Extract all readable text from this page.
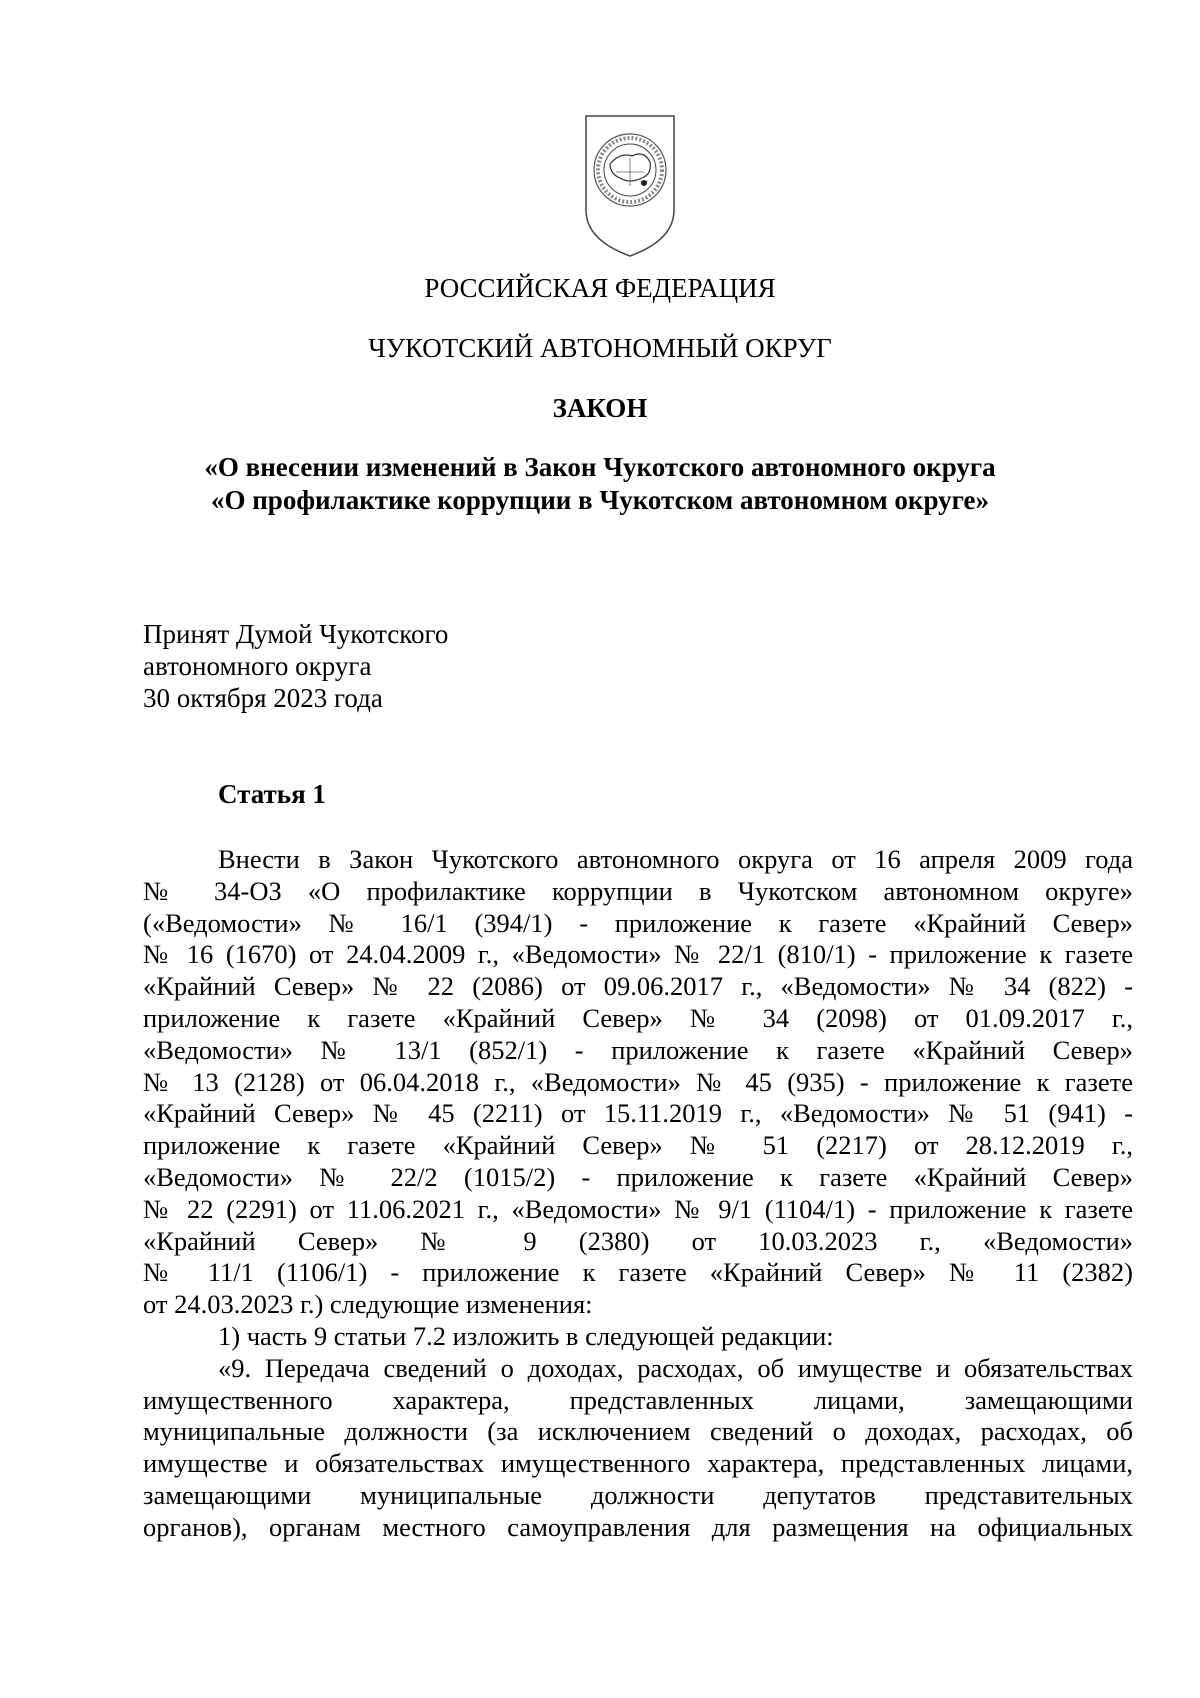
РОССИЙСКАЯ ФЕДЕРАЦИЯ
ЧУКОТСКИЙ АВТОНОМНЫЙ ОКРУГ
ЗАКОН
«О внесении изменений в Закон Чукотского автономного округа
«О профилактике коррупции в Чукотском автономном округе»
Принят Думой Чукотского
автономного округа
30 октября 2023 года
Статья 1
Внести в Закон Чукотского автономного округа от 16 апреля 2009 года
№ 34-ОЗ «О профилактике коррупции в Чукотском автономном округе»
(«Ведомости» № 16/1 (394/1) - приложение к газете «Крайний Север»
№ 16 (1670) от 24.04.2009 г., «Ведомости» № 22/1 (810/1) - приложение к газете
«Крайний Север» № 22 (2086) от 09.06.2017 г., «Ведомости» № 34 (822) -
приложение к газете «Крайний Север» № 34 (2098) от 01.09.2017 г.,
«Ведомости» № 13/1 (852/1) - приложение к газете «Крайний Север»
№ 13 (2128) от 06.04.2018 г., «Ведомости» № 45 (935) - приложение к газете
«Крайний Север» № 45 (2211) от 15.11.2019 г., «Ведомости» № 51 (941) -
приложение к газете «Крайний Север» № 51 (2217) от 28.12.2019 г.,
«Ведомости» № 22/2 (1015/2) - приложение к газете «Крайний Север»
№ 22 (2291) от 11.06.2021 г., «Ведомости» № 9/1 (1104/1) - приложение к газете
«Крайний Север» № 9 (2380) от 10.03.2023 г., «Ведомости»
№ 11/1 (1106/1) - приложение к газете «Крайний Север» № 11 (2382)
от 24.03.2023 г.) следующие изменения:
1) часть 9 статьи 7.2 изложить в следующей редакции:
«9. Передача сведений о доходах, расходах, об имуществе и обязательствах
имущественного характера, представленных лицами, замещающими
муниципальные должности (за исключением сведений о доходах, расходах, об
имуществе и обязательствах имущественного характера, представленных лицами,
замещающими муниципальные должности депутатов представительных
органов), органам местного самоуправления для размещения на официальных
